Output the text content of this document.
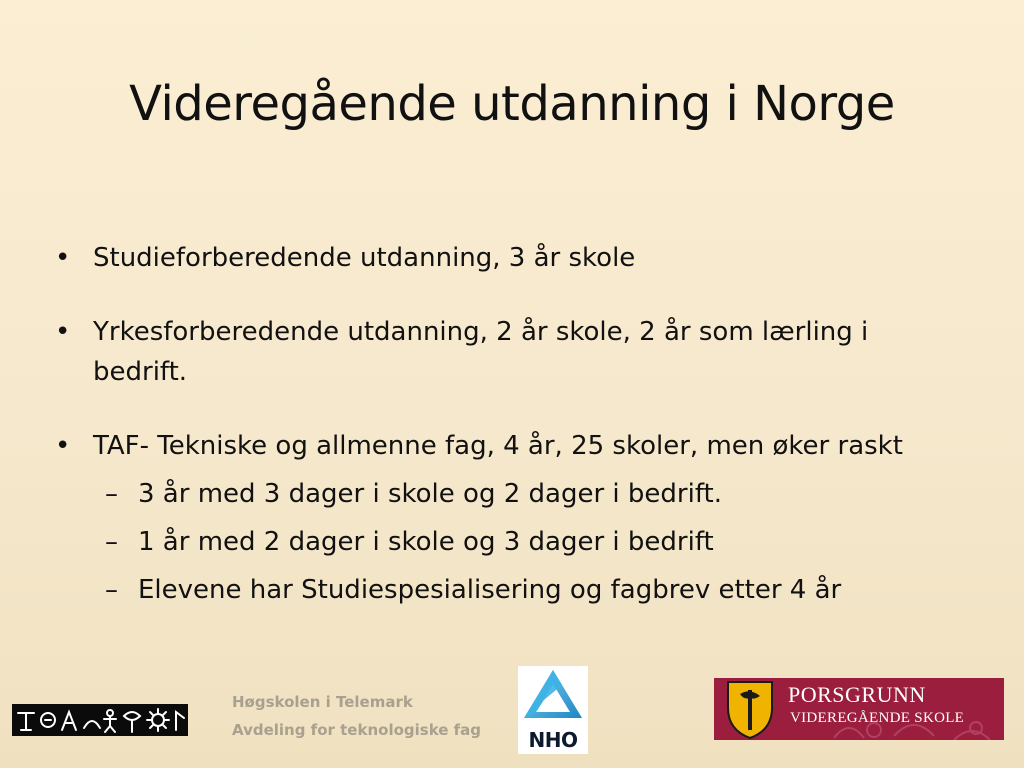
Videregående utdanning i Norge
• Studieforberedende utdanning, 3 år skole
• Yrkesforberedende utdanning, 2 år skole, 2 år som lærling i bedrift.
• TAF- Tekniske og allmenne fag, 4 år, 25 skoler, men øker raskt
– 3 år med 3 dager i skole og 2 dager i bedrift.
– 1 år med 2 dager i skole og 3 dager i bedrift
– Elevene har Studiespesialisering og fagbrev etter 4 år
Høgskolen i Telemark
Avdeling for teknologiske fag	NHO
PORSGRUNN
VIDEREGÅENDE SKOLE
